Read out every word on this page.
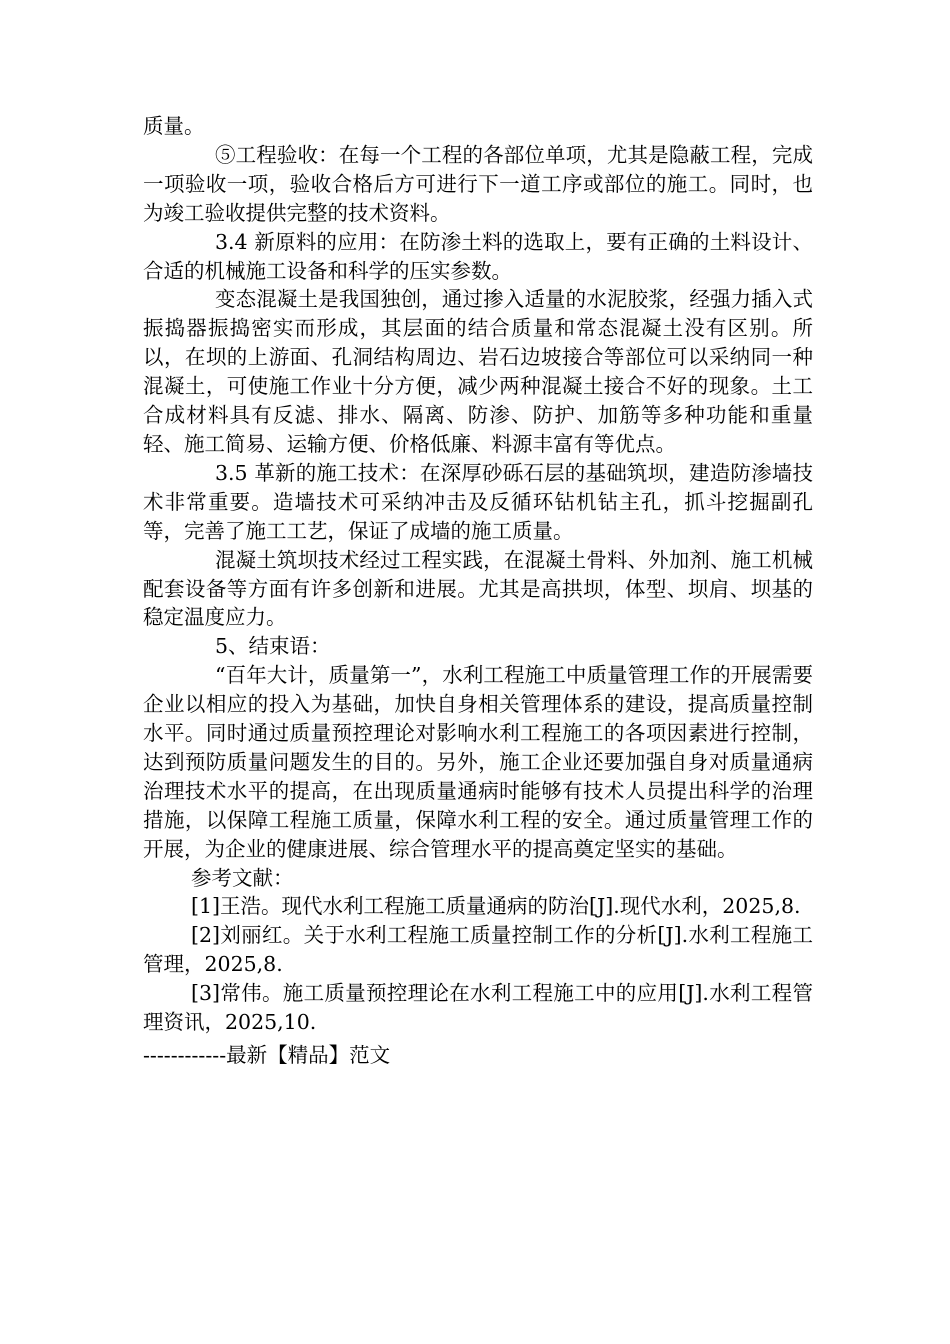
质量。

⑤工程验收：在每一个工程的各部位单项，尤其是隐蔽工程，完成一项验收一项，验收合格后方可进行下一道工序或部位的施工。同时，也为竣工验收提供完整的技术资料。

3.4 新原料的应用：在防渗土料的选取上，要有正确的土料设计、合适的机械施工设备和科学的压实参数。

变态混凝土是我国独创，通过掺入适量的水泥胶浆，经强力插入式振捣器振捣密实而形成，其层面的结合质量和常态混凝土没有区别。所以，在坝的上游面、孔洞结构周边、岩石边坡接合等部位可以采纳同一种混凝土，可使施工作业十分方便，减少两种混凝土接合不好的现象。土工合成材料具有反滤、排水、隔离、防渗、防护、加筋等多种功能和重量轻、施工简易、运输方便、价格低廉、料源丰富有等优点。

3.5 革新的施工技术：在深厚砂砾石层的基础筑坝，建造防渗墙技术非常重要。造墙技术可采纳冲击及反循环钻机钻主孔，抓斗挖掘副孔等，完善了施工工艺，保证了成墙的施工质量。

混凝土筑坝技术经过工程实践，在混凝土骨料、外加剂、施工机械配套设备等方面有许多创新和进展。尤其是高拱坝，体型、坝肩、坝基的稳定温度应力。

5、结束语：

“百年大计，质量第一”，水利工程施工中质量管理工作的开展需要企业以相应的投入为基础，加快自身相关管理体系的建设，提高质量控制水平。同时通过质量预控理论对影响水利工程施工的各项因素进行控制，达到预防质量问题发生的目的。另外，施工企业还要加强自身对质量通病治理技术水平的提高，在出现质量通病时能够有技术人员提出科学的治理措施，以保障工程施工质量，保障水利工程的安全。通过质量管理工作的开展，为企业的健康进展、综合管理水平的提高奠定坚实的基础。

参考文献：

[1]王浩。现代水利工程施工质量通病的防治[J].现代水利，2025,8.

[2]刘丽红。关于水利工程施工质量控制工作的分析[J].水利工程施工管理，2025,8.

[3]常伟。施工质量预控理论在水利工程施工中的应用[J].水利工程管理资讯，2025,10.

------------最新【精品】范文
